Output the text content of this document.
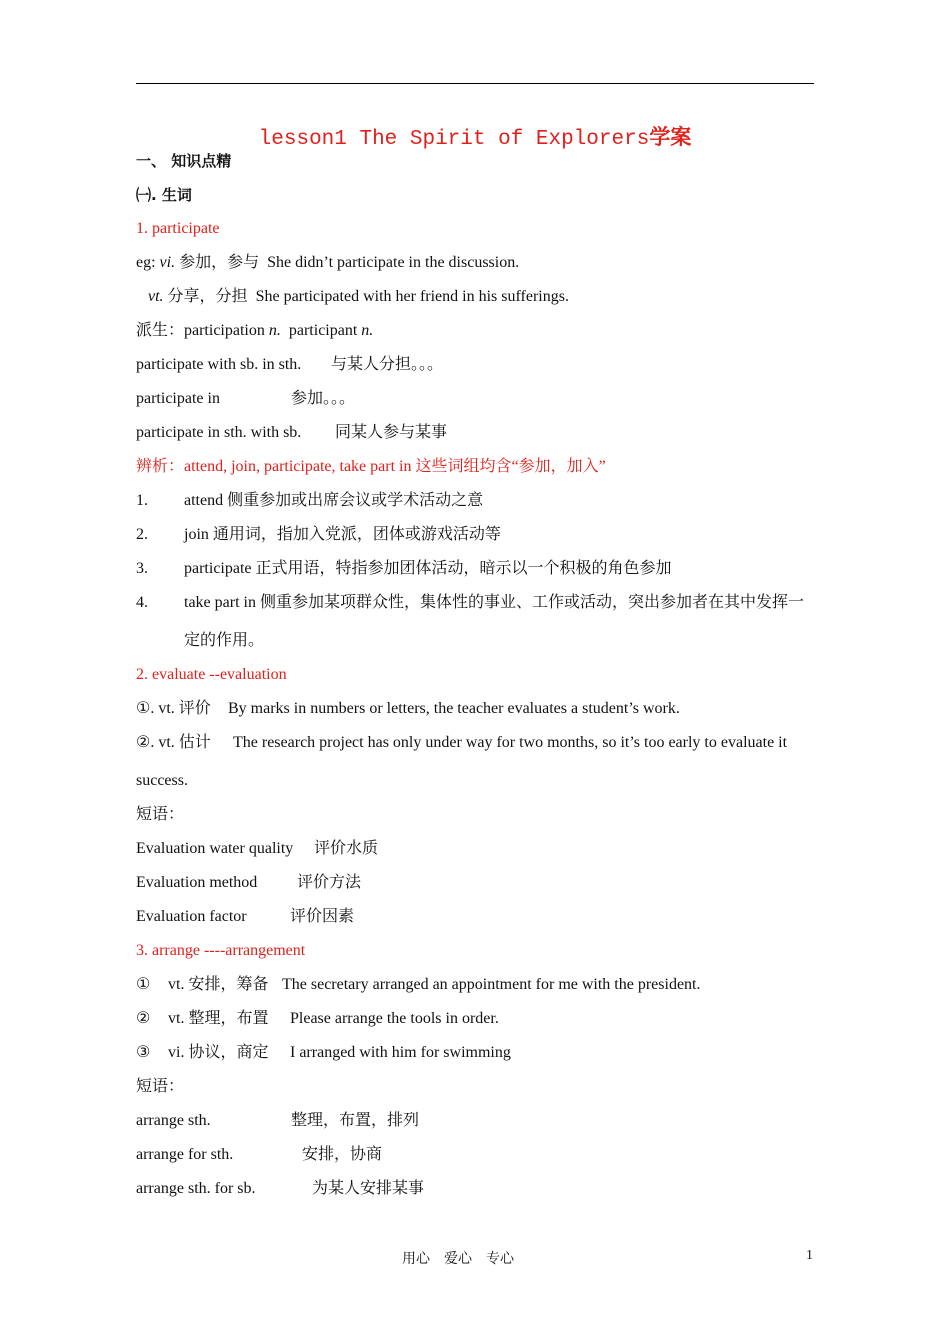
lesson1 The Spirit of Explorers学案
一、 知识点精
㈠. 生词
1. participate
eg: vi. 参加，参与 She didn’t participate in the discussion.
vt. 分享，分担 She participated with her friend in his sufferings.
派生：participation n. participant n.
participate with sb. in sth. 与某人分担。。。
participate in	参加。。。
participate in sth. with sb. 同某人参与某事
辨析：attend, join, participate, take part in 这些词组均含“参加，加入”
1. attend 侧重参加或出席会议或学术活动之意
2. join 通用词，指加入党派，团体或游戏活动等
3. participate 正式用语，特指参加团体活动，暗示以一个积极的角色参加
4. take part in 侧重参加某项群众性，集体性的事业、工作或活动，突出参加者在其中发挥一
定的作用。
2. evaluate --evaluation
①. vt. 评价 By marks in numbers or letters, the teacher evaluates a student’s work.
②. vt. 估计 The research project has only under way for two months, so it’s too early to evaluate it
success.
短语：
Evaluation water quality 评价水质
Evaluation method 评价方法
Evaluation factor	评价因素
3. arrange ----arrangement
① vt. 安排，筹备 The secretary arranged an appointment for me with the president.
② vt. 整理，布置 Please arrange the tools in order.
③ vi. 协议，商定 I arranged with him for swimming
短语：
arrange sth.	整理，布置，排列
arrange for sth.	安排，协商
arrange sth. for sb.	为某人安排某事
用心　爱心　专心	1
